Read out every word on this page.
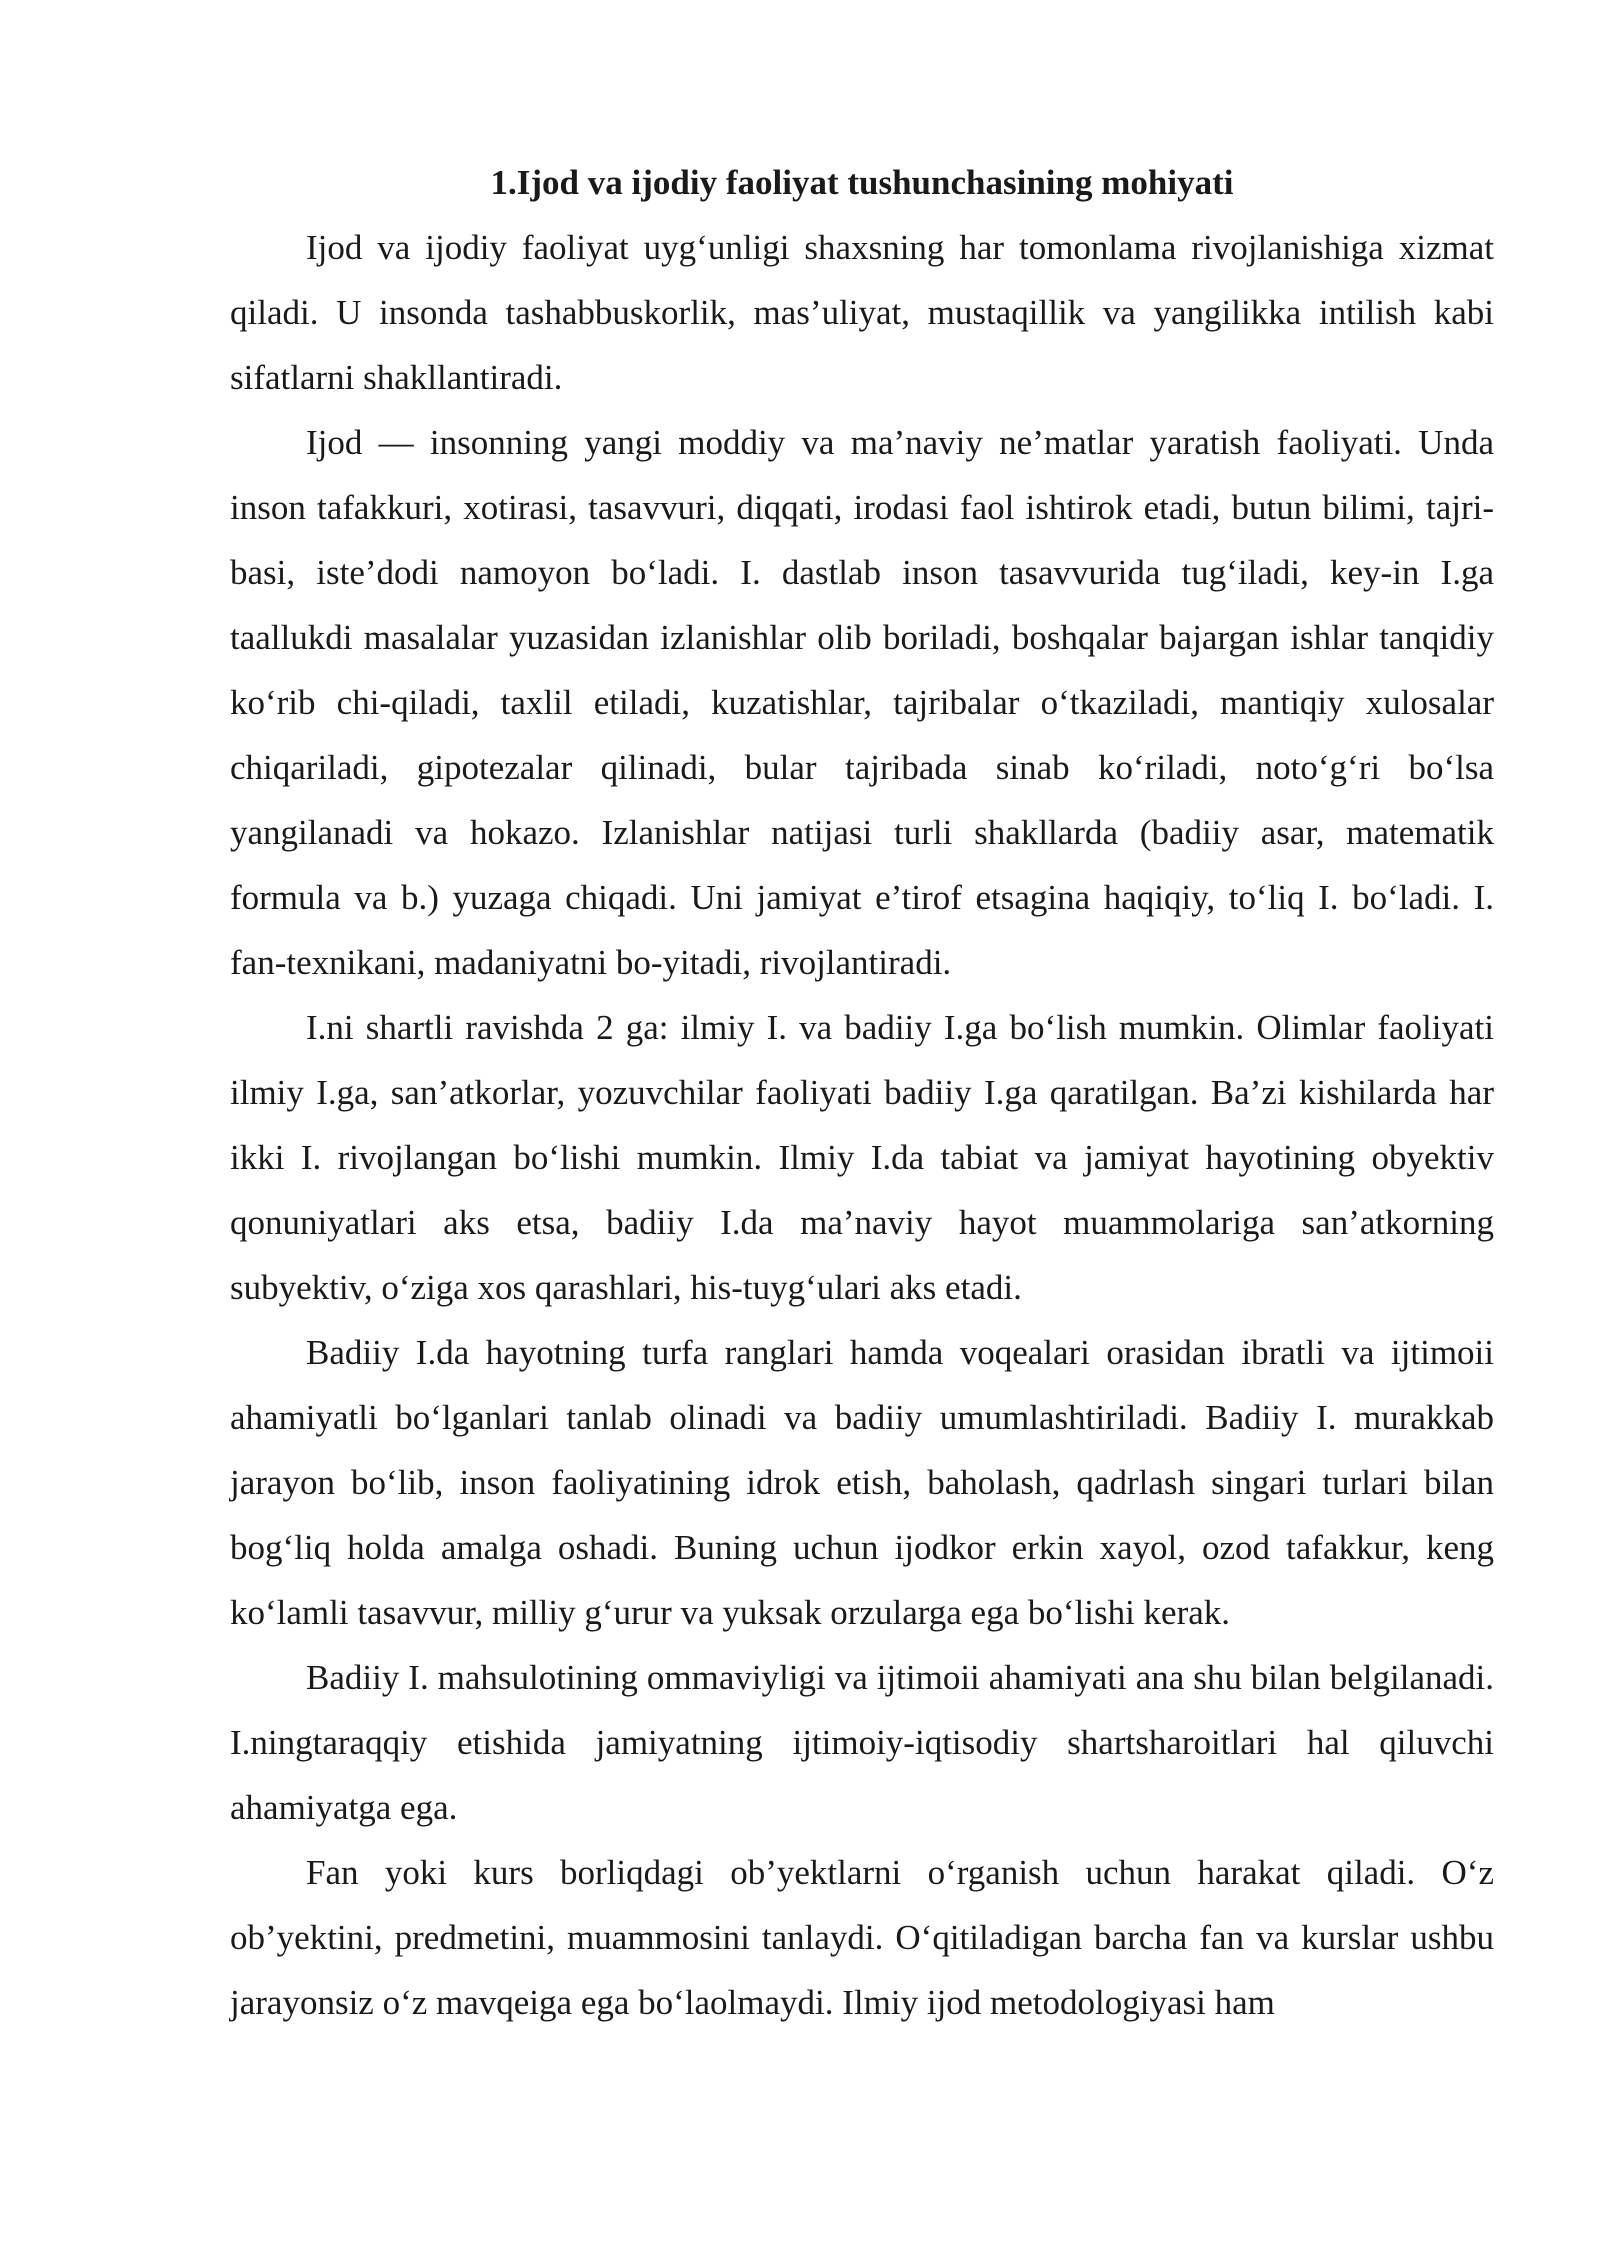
1.Ijod va ijodiy faoliyat tushunchasining mohiyati

Ijod va ijodiy faoliyat uyg‘unligi shaxsning har tomonlama rivojlanishiga xizmat qiladi. U insonda tashabbuskorlik, mas’uliyat, mustaqillik va yangilikka intilish kabi sifatlarni shakllantiradi.

Ijod — insonning yangi moddiy va ma’naviy ne’matlar yaratish faoliyati. Unda inson tafakkuri, xotirasi, tasavvuri, diqqati, irodasi faol ishtirok etadi, butun bilimi, tajri-basi, iste’dodi namoyon bo‘ladi. I. dastlab inson tasavvurida tug‘iladi, key-in I.ga taallukdi masalalar yuzasidan izlanishlar olib boriladi, boshqalar bajargan ishlar tanqidiy ko‘rib chi-qiladi, taxlil etiladi, kuzatishlar, tajribalar o‘tkaziladi, mantiqiy xulosalar chiqariladi, gipotezalar qilinadi, bular tajribada sinab ko‘riladi, noto‘g‘ri bo‘lsa yangilanadi va hokazo. Izlanishlar natijasi turli shakllarda (badiiy asar, matematik formula va b.) yuzaga chiqadi. Uni jamiyat e’tirof etsagina haqiqiy, to‘liq I. bo‘ladi. I. fan-texnikani, madaniyatni bo-yitadi, rivojlantiradi.

I.ni shartli ravishda 2 ga: ilmiy I. va badiiy I.ga bo‘lish mumkin. Olimlar faoliyati ilmiy I.ga, san’atkorlar, yozuvchilar faoliyati badiiy I.ga qaratilgan. Ba’zi kishilarda har ikki I. rivojlangan bo‘lishi mumkin. Ilmiy I.da tabiat va jamiyat hayotining obyektiv qonuniyatlari aks etsa, badiiy I.da ma’naviy hayot muammolariga san’atkorning subyektiv, o‘ziga xos qarashlari, his-tuyg‘ulari aks etadi.

Badiiy I.da hayotning turfa ranglari hamda voqealari orasidan ibratli va ijtimoii ahamiyatli bo‘lganlari tanlab olinadi va badiiy umumlashtiriladi. Badiiy I. murakkab jarayon bo‘lib, inson faoliyatining idrok etish, baholash, qadrlash singari turlari bilan bog‘liq holda amalga oshadi. Buning uchun ijodkor erkin xayol, ozod tafakkur, keng ko‘lamli tasavvur, milliy g‘urur va yuksak orzularga ega bo‘lishi kerak.

Badiiy I. mahsulotining ommaviyligi va ijtimoii ahamiyati ana shu bilan belgilanadi. I.ningtaraqqiy etishida jamiyatning ijtimoiy-iqtisodiy shartsharoitlari hal qiluvchi ahamiyatga ega.

Fan yoki kurs borliqdagi ob’yektlarni o‘rganish uchun harakat qiladi. O‘z ob’yektini, predmetini, muammosini tanlaydi. O‘qitiladigan barcha fan va kurslar ushbu jarayonsiz o‘z mavqeiga ega bo‘laolmaydi. Ilmiy ijod metodologiyasi ham
